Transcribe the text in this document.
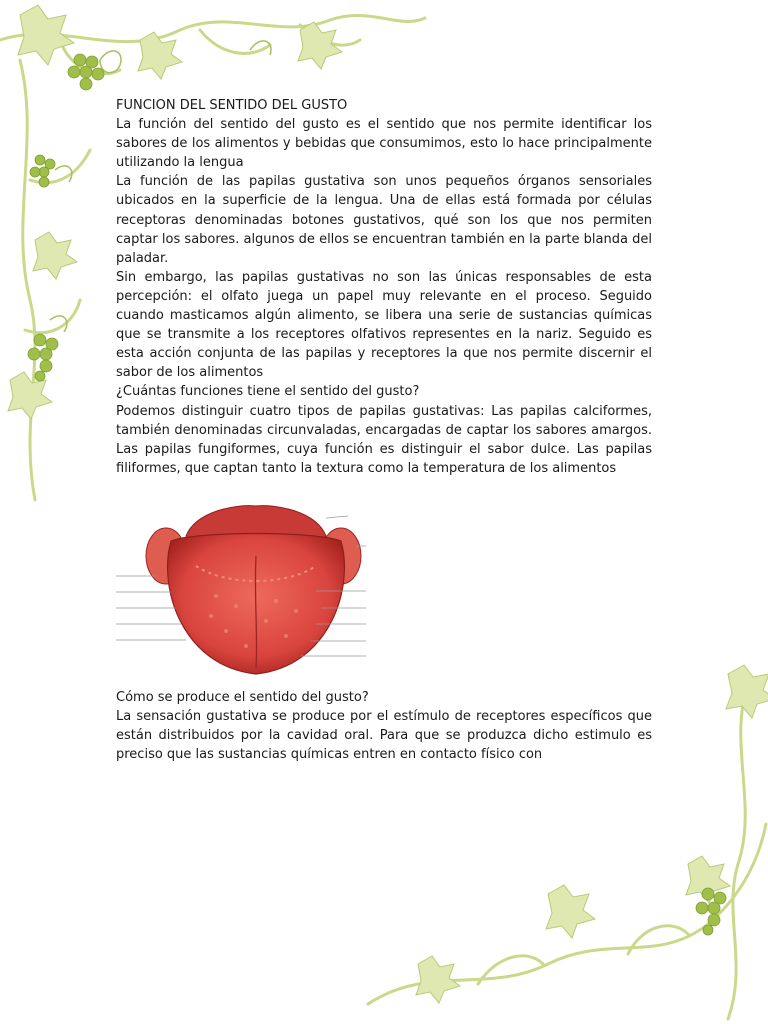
FUNCION DEL SENTIDO DEL GUSTO

La función del sentido del gusto es el sentido que nos permite identificar los sabores de los alimentos y bebidas que consumimos, esto lo hace principalmente utilizando la lengua

La función de las papilas gustativa son unos pequeños órganos sensoriales ubicados en la superficie de la lengua. Una de ellas está formada por células receptoras denominadas botones gustativos, qué son los que nos permiten captar los sabores. algunos de ellos se encuentran también en la parte blanda del paladar.

Sin embargo, las papilas gustativas no son las únicas responsables de esta percepción: el olfato juega un papel muy relevante en el proceso. Seguido cuando masticamos algún alimento, se libera una serie de sustancias químicas que se transmite a los receptores olfativos representes en la nariz. Seguido es esta acción conjunta de las papilas y receptores la que nos permite discernir el sabor de los alimentos

¿Cuántas funciones tiene el sentido del gusto?

Podemos distinguir cuatro tipos de papilas gustativas: Las papilas calciformes, también denominadas circunvaladas, encargadas de captar los sabores amargos. Las papilas fungiformes, cuya función es distinguir el sabor dulce. Las papilas filiformes, que captan tanto la textura como la temperatura de los alimentos

Cómo se produce el sentido del gusto?

La sensación gustativa se produce por el estímulo de receptores específicos que están distribuidos por la cavidad oral. Para que se produzca dicho estimulo es preciso que las sustancias químicas entren en contacto físico con
